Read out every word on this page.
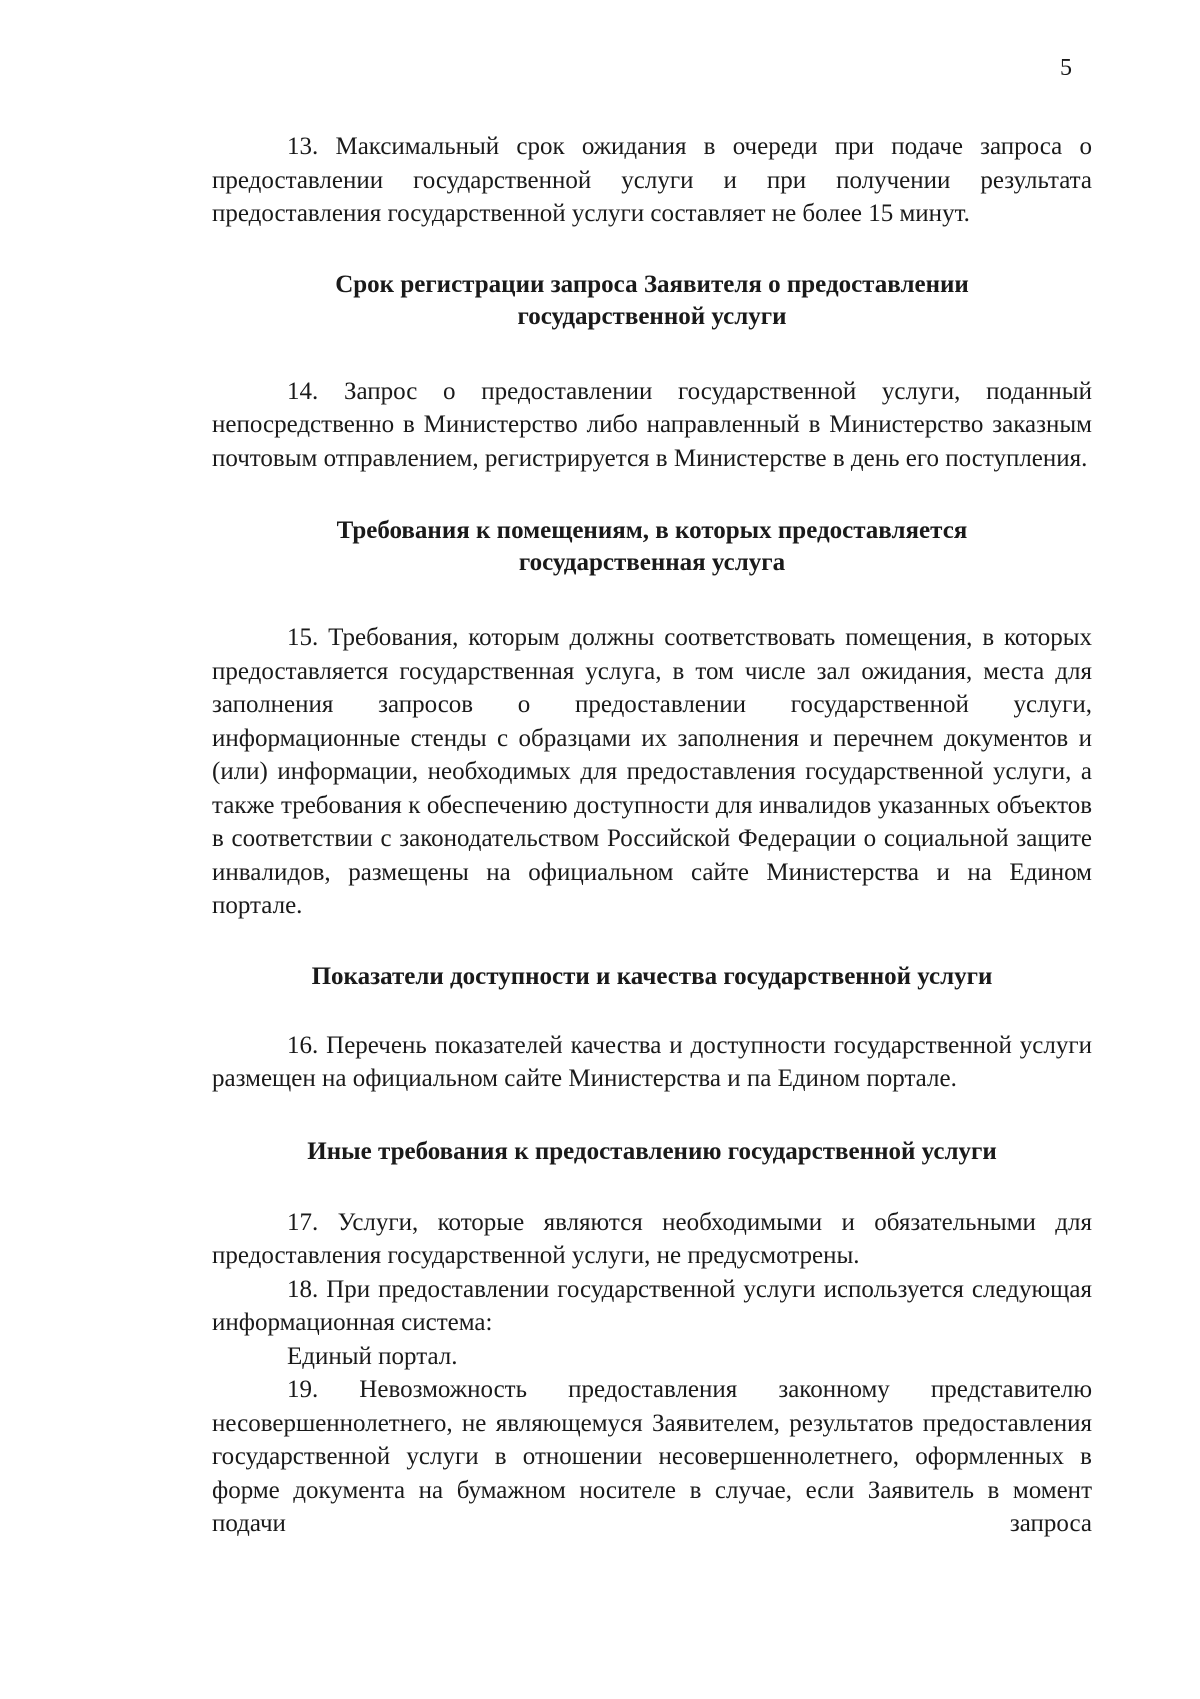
5

13. Максимальный срок ожидания в очереди при подаче запроса о предоставлении государственной услуги и при получении результата предоставления государственной услуги составляет не более 15 минут.

Срок регистрации запроса Заявителя о предоставлении
государственной услуги

14. Запрос о предоставлении государственной услуги, поданный непосредственно в Министерство либо направленный в Министерство заказным почтовым отправлением, регистрируется в Министерстве в день его поступления.

Требования к помещениям, в которых предоставляется
государственная услуга

15. Требования, которым должны соответствовать помещения, в которых предоставляется государственная услуга, в том числе зал ожидания, места для заполнения запросов о предоставлении государственной услуги, информационные стенды с образцами их заполнения и перечнем документов и (или) информации, необходимых для предоставления государственной услуги, а также требования к обеспечению доступности для инвалидов указанных объектов в соответствии с законодательством Российской Федерации о социальной защите инвалидов, размещены на официальном сайте Министерства и на Едином портале.

Показатели доступности и качества государственной услуги

16. Перечень показателей качества и доступности государственной услуги размещен на официальном сайте Министерства и па Едином портале.

Иные требования к предоставлению государственной услуги

17. Услуги, которые являются необходимыми и обязательными для предоставления государственной услуги, не предусмотрены.

18. При предоставлении государственной услуги используется следующая информационная система:

Единый портал.

19. Невозможность предоставления законному представителю несовершеннолетнего, не являющемуся Заявителем, результатов предоставления государственной услуги в отношении несовершеннолетнего, оформленных в форме документа на бумажном носителе в случае, если Заявитель в момент подачи запроса
